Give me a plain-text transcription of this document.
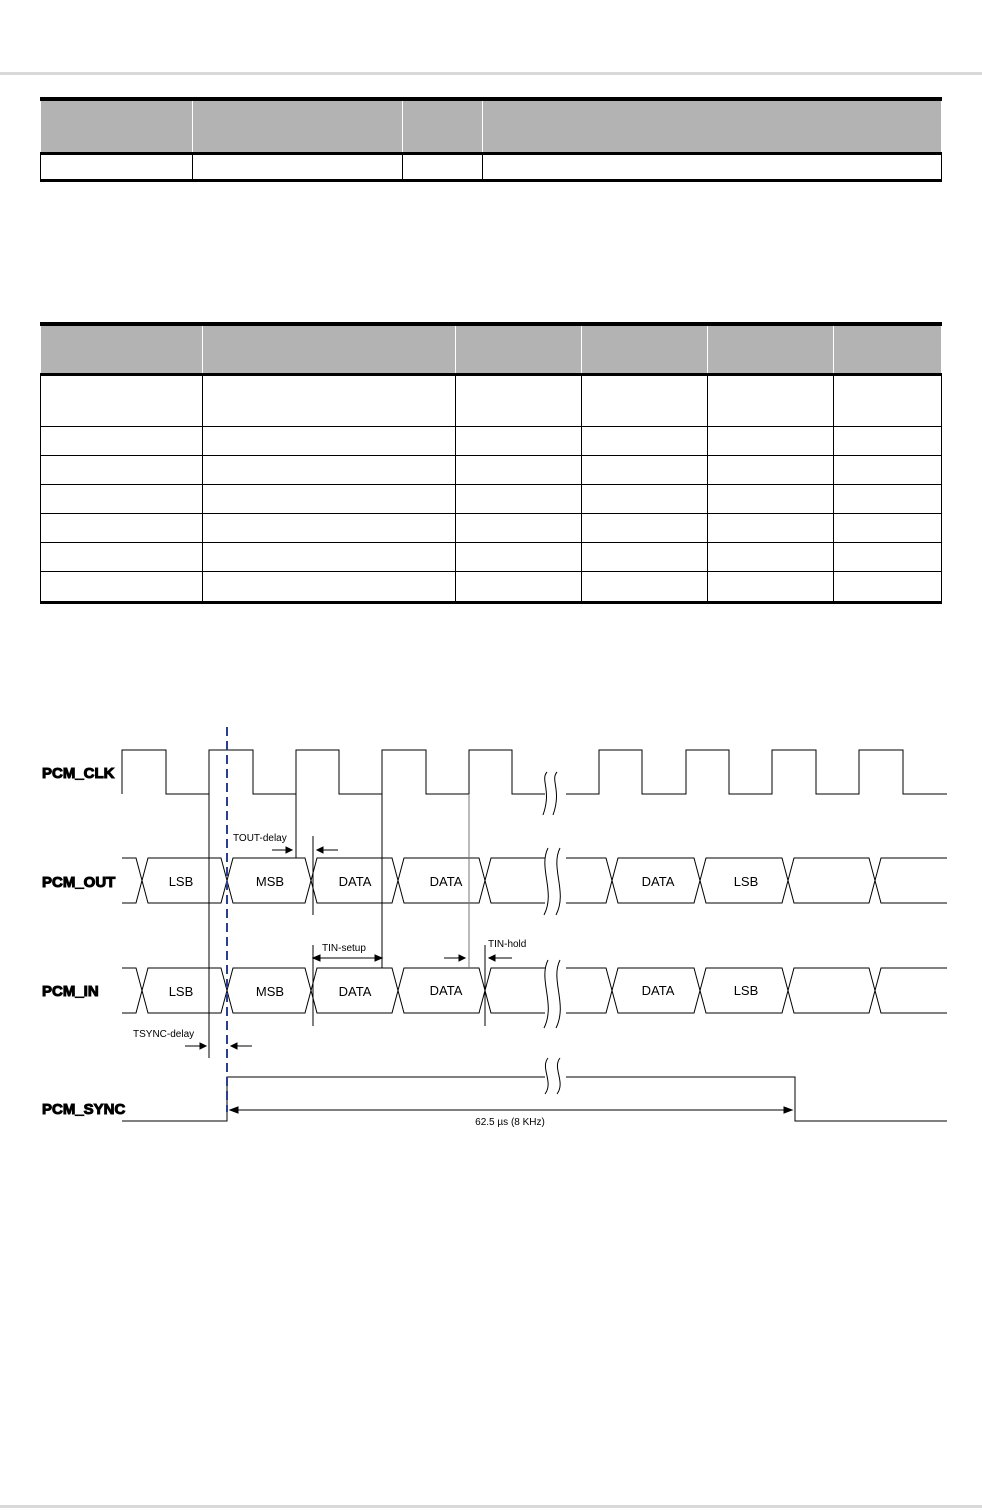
PCM_CLK
PCM_OUT
PCM_IN
PCM_SYNC
LSB	MSB	DATA	DATA	DATA	LSB
LSB	MSB	DATA	DATA	DATA	LSB
TOUT-delay
TIN-setup	TIN-hold
TSYNC-delay
62.5 µs (8 KHz)
